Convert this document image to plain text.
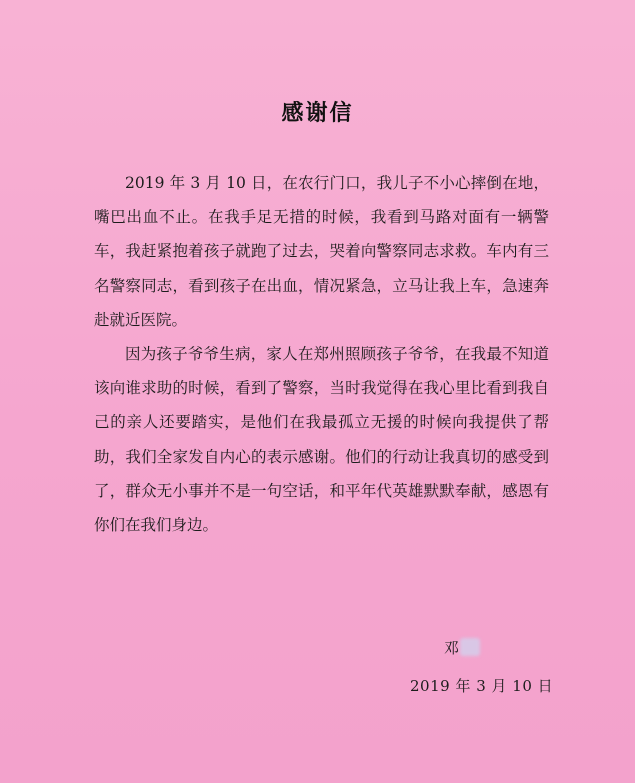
感谢信

2019 年 3 月 10 日，在农行门口，我儿子不小心摔倒在地，嘴巴出血不止。在我手足无措的时候，我看到马路对面有一辆警车，我赶紧抱着孩子就跑了过去，哭着向警察同志求救。车内有三名警察同志，看到孩子在出血，情况紧急，立马让我上车，急速奔赴就近医院。

因为孩子爷爷生病，家人在郑州照顾孩子爷爷，在我最不知道该向谁求助的时候，看到了警察，当时我觉得在我心里比看到我自己的亲人还要踏实，是他们在我最孤立无援的时候向我提供了帮助，我们全家发自内心的表示感谢。他们的行动让我真切的感受到了，群众无小事并不是一句空话，和平年代英雄默默奉献，感恩有你们在我们身边。

邓
2019 年 3 月 10 日
